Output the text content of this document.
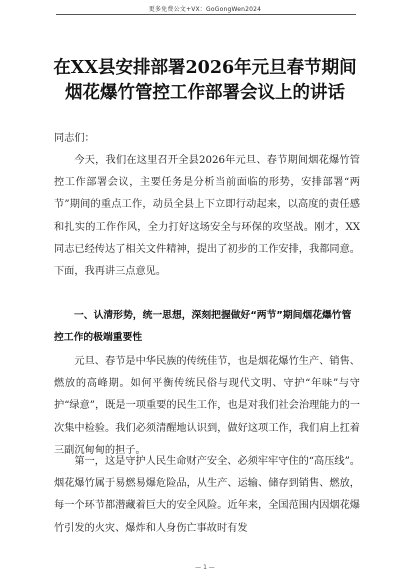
更多免费公文+VX：GoGongWen2024
在XX县安排部署2026年元旦春节期间
烟花爆竹管控工作部署会议上的讲话
同志们：

今天，我们在这里召开全县2026年元旦、春节期间烟花爆竹管控工作部署会议，主要任务是分析当前面临的形势，安排部署“两节”期间的重点工作，动员全县上下立即行动起来，以高度的责任感和扎实的工作作风，全力打好这场安全与环保的攻坚战。刚才，XX同志已经传达了相关文件精神，提出了初步的工作安排，我都同意。下面，我再讲三点意见。

一、认清形势，统一思想，深刻把握做好“两节”期间烟花爆竹管控工作的极端重要性

元旦、春节是中华民族的传统佳节，也是烟花爆竹生产、销售、燃放的高峰期。如何平衡传统民俗与现代文明、守护“年味”与守护“绿意”，既是一项重要的民生工作，也是对我们社会治理能力的一次集中检验。我们必须清醒地认识到，做好这项工作，我们肩上扛着三副沉甸甸的担子。

第一，这是守护人民生命财产安全、必须牢牢守住的“高压线”。烟花爆竹属于易燃易爆危险品，从生产、运输、储存到销售、燃放，每一个环节都潜藏着巨大的安全风险。近年来，全国范围内因烟花爆竹引发的火灾、爆炸和人身伤亡事故时有发

— 1 —
